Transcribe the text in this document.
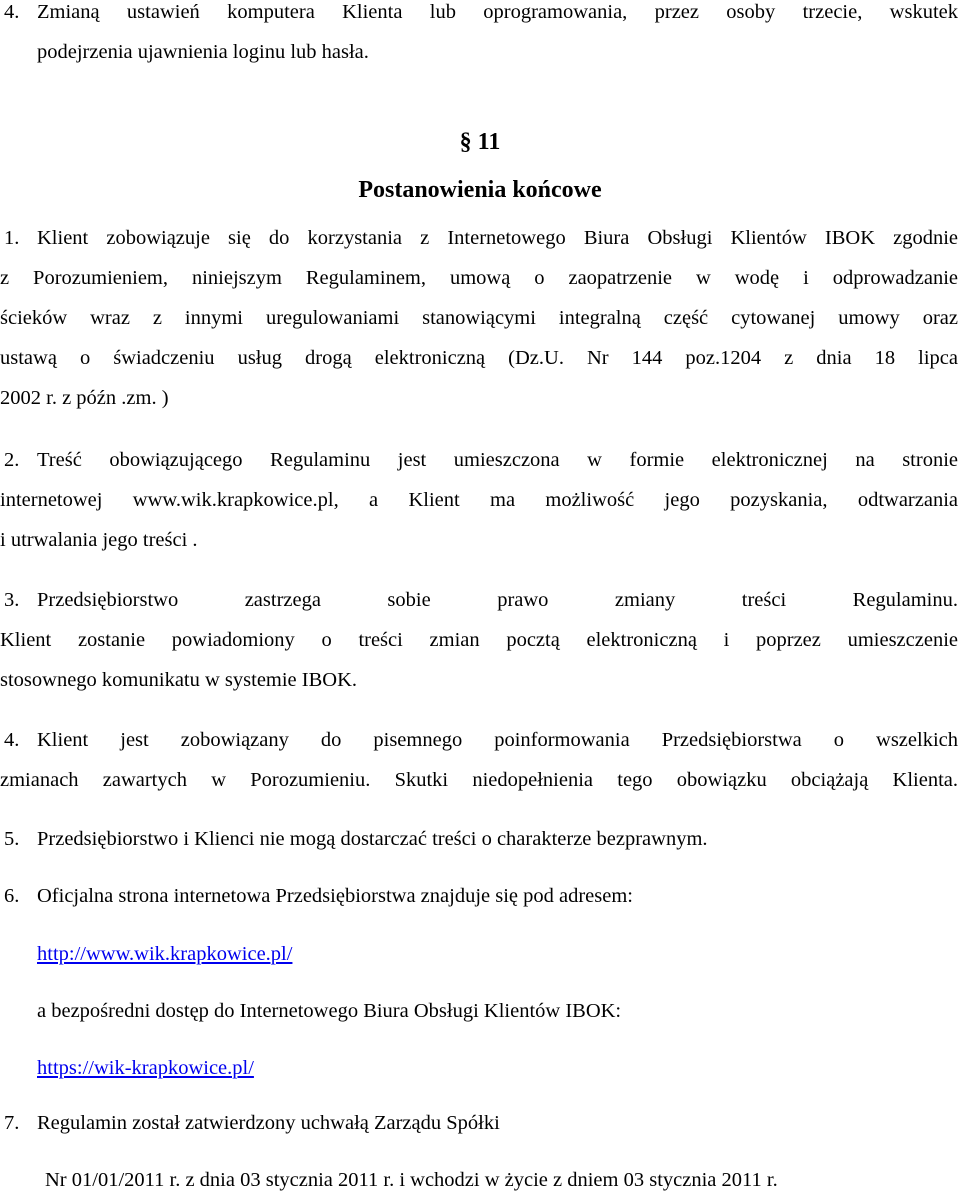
4. Zmianą ustawień komputera Klienta lub oprogramowania, przez osoby trzecie, wskutek
podejrzenia ujawnienia loginu lub hasła.
§ 11
Postanowienia końcowe
1. Klient zobowiązuje się do korzystania z Internetowego Biura Obsługi Klientów IBOK zgodnie
z Porozumieniem, niniejszym Regulaminem, umową o zaopatrzenie w wodę i odprowadzanie
ścieków wraz z innymi uregulowaniami stanowiącymi integralną część cytowanej umowy oraz
ustawą o świadczeniu usług drogą elektroniczną (Dz.U. Nr 144 poz.1204 z dnia 18 lipca
2002 r. z późn .zm. )
2. Treść obowiązującego Regulaminu jest umieszczona w formie elektronicznej na stronie
internetowej www.wik.krapkowice.pl, a Klient ma możliwość jego pozyskania, odtwarzania
i utrwalania jego treści .
3. Przedsiębiorstwo zastrzega sobie prawo zmiany treści Regulaminu.
Klient zostanie powiadomiony o treści zmian pocztą elektroniczną i poprzez umieszczenie
stosownego komunikatu w systemie IBOK.
4. Klient jest zobowiązany do pisemnego poinformowania Przedsiębiorstwa o wszelkich
zmianach zawartych w Porozumieniu. Skutki niedopełnienia tego obowiązku obciążają Klienta.
5. Przedsiębiorstwo i Klienci nie mogą dostarczać treści o charakterze bezprawnym.
6. Oficjalna strona internetowa Przedsiębiorstwa znajduje się pod adresem:
http://www.wik.krapkowice.pl/
a bezpośredni dostęp do Internetowego Biura Obsługi Klientów IBOK:
https://wik-krapkowice.pl/
7. Regulamin został zatwierdzony uchwałą Zarządu Spółki
Nr 01/01/2011 r. z dnia 03 stycznia 2011 r. i wchodzi w życie z dniem 03 stycznia 2011 r.
